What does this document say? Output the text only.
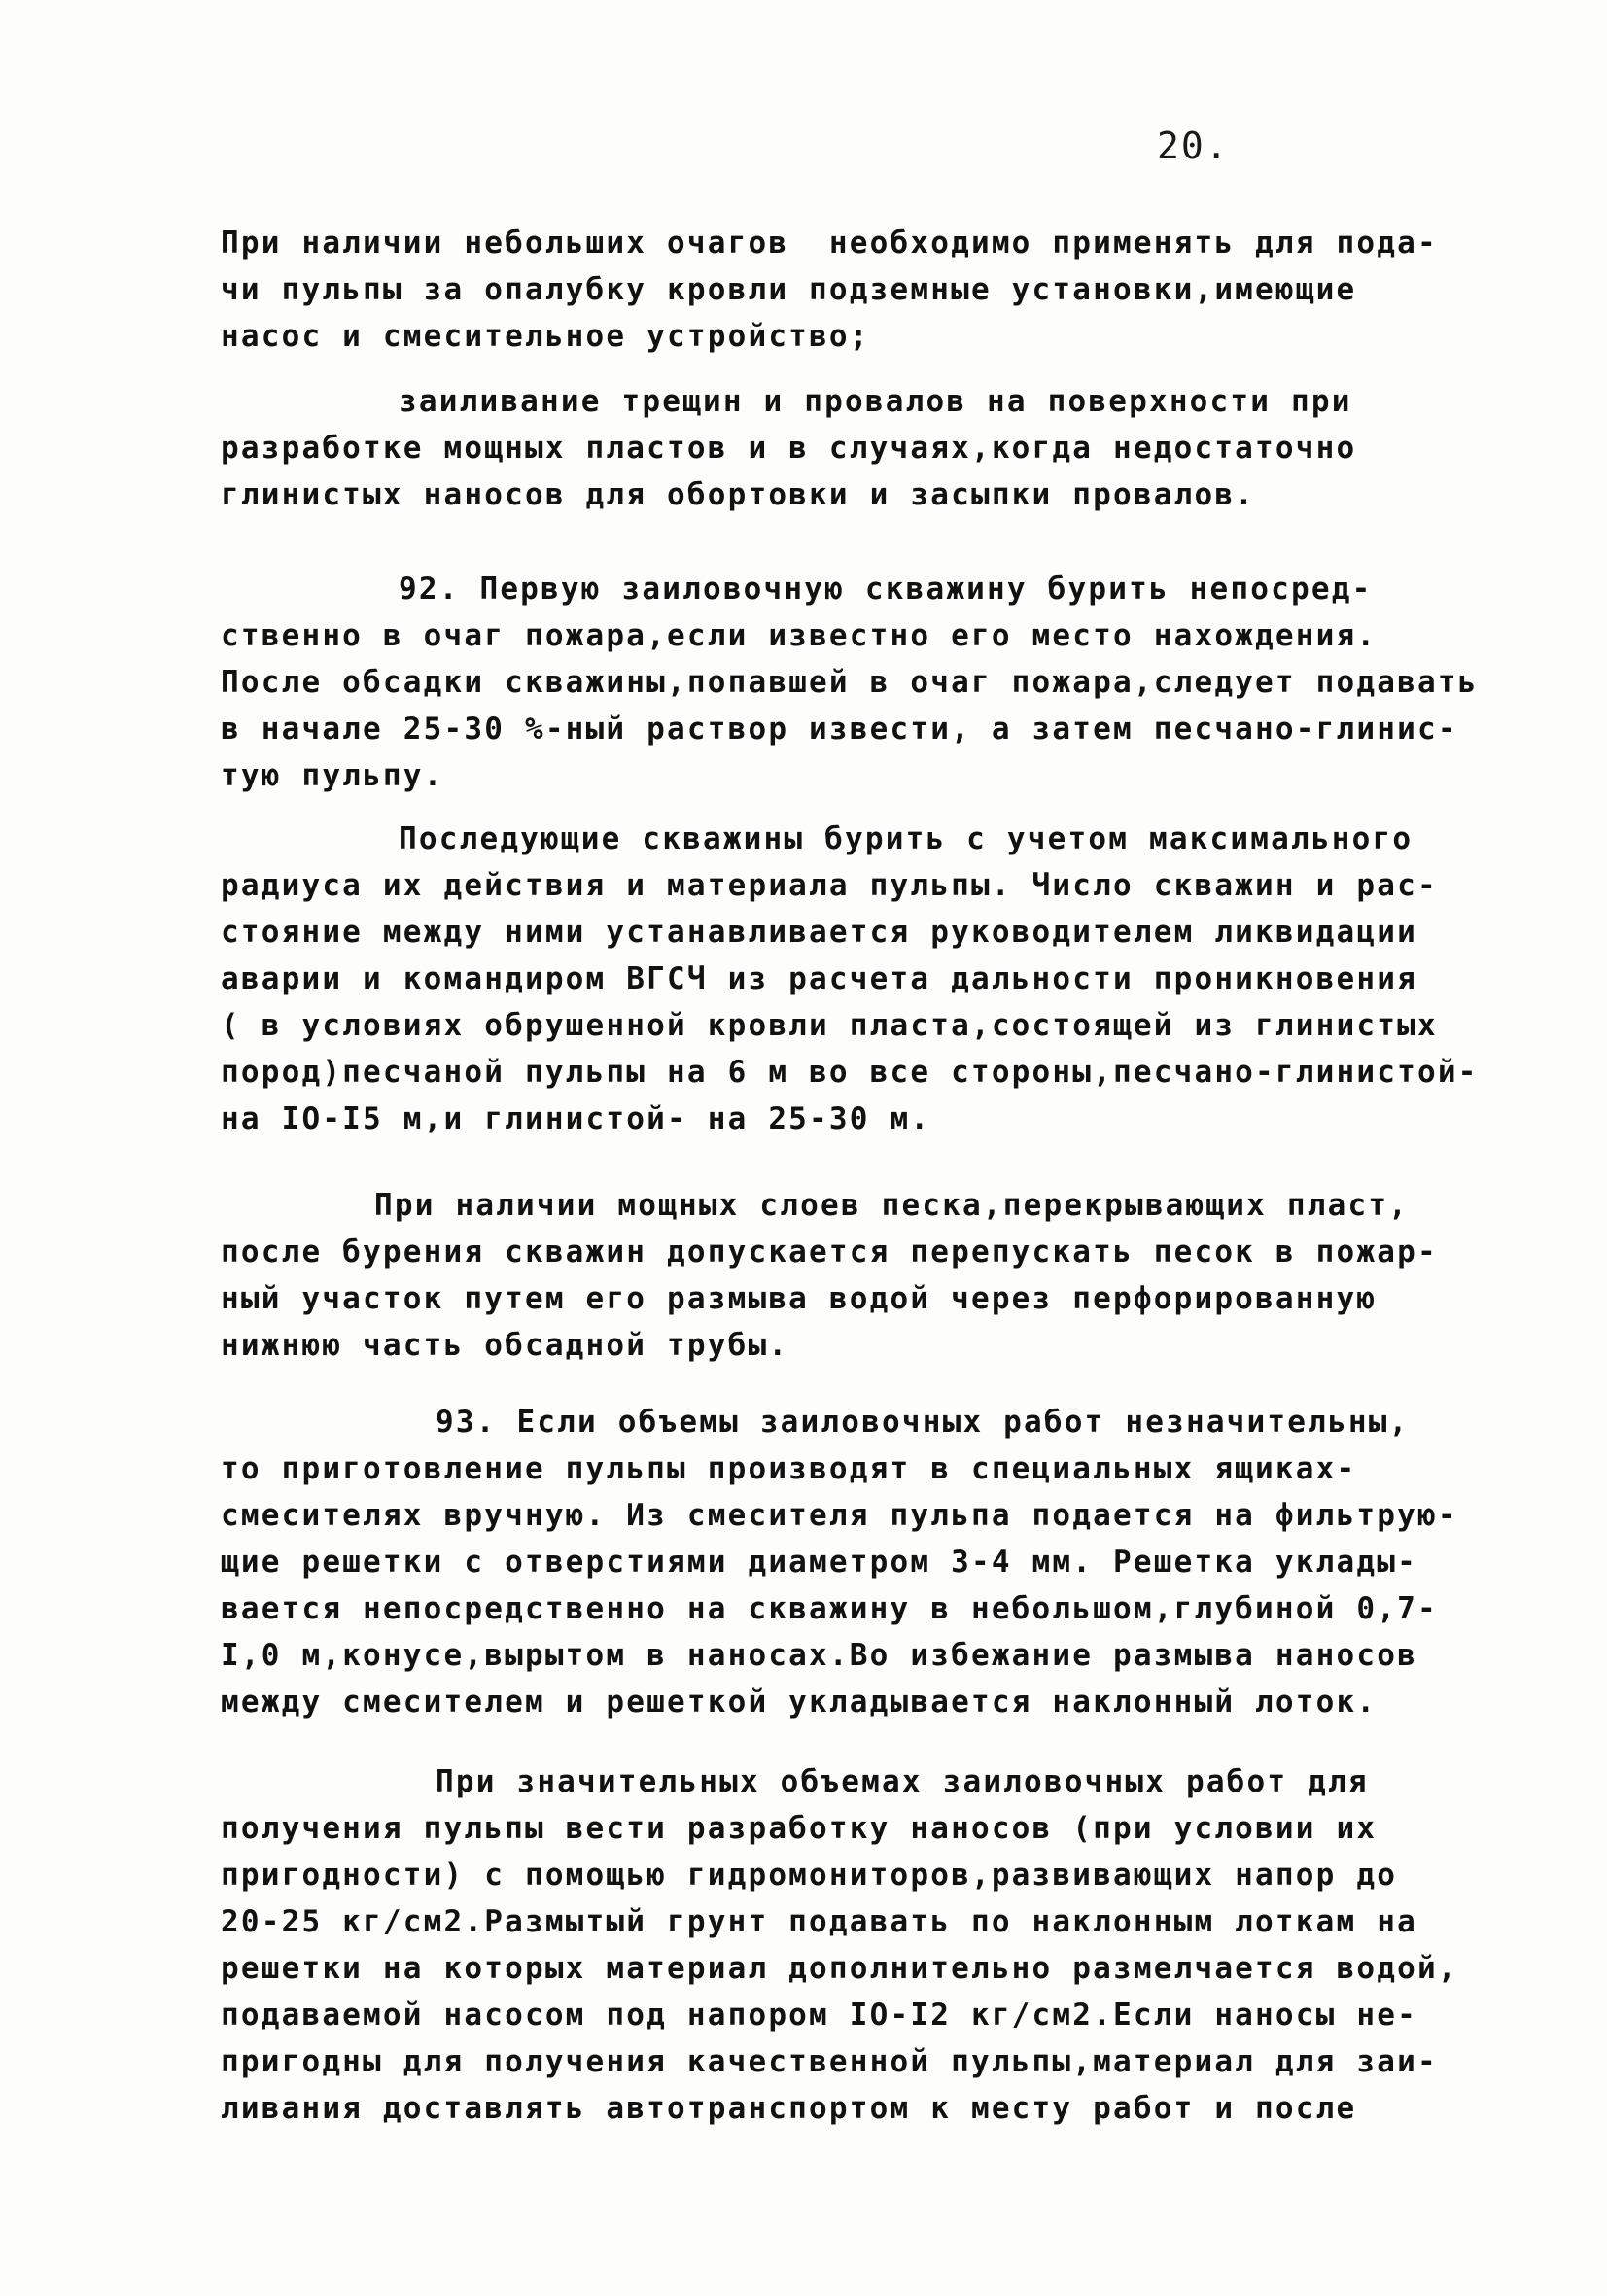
20.
При наличии небольших очагов  необходимо применять для пода-
чи пульпы за опалубку кровли подземные установки,имеющие
насос и смесительное устройство;
заиливание трещин и провалов на поверхности при
разработке мощных пластов и в случаях,когда недостаточно
глинистых наносов для обортовки и засыпки провалов.
92. Первую заиловочную скважину бурить непосред-
ственно в очаг пожара,если известно его место нахождения.
После обсадки скважины,попавшей в очаг пожара,следует подавать
в начале 25-30 %-ный раствор извести, а затем песчано-глинис-
тую пульпу.
Последующие скважины бурить с учетом максимального
радиуса их действия и материала пульпы. Число скважин и рас-
стояние между ними устанавливается руководителем ликвидации
аварии и командиром ВГСЧ из расчета дальности проникновения
( в условиях обрушенной кровли пласта,состоящей из глинистых
пород)песчаной пульпы на 6 м во все стороны,песчано-глинистой-
на IO-I5 м,и глинистой- на 25-30 м.
При наличии мощных слоев песка,перекрывающих пласт,
после бурения скважин допускается перепускать песок в пожар-
ный участок путем его размыва водой через перфорированную
нижнюю часть обсадной трубы.
93. Если объемы заиловочных работ незначительны,
то приготовление пульпы производят в специальных ящиках-
смесителях вручную. Из смесителя пульпа подается на фильтрую-
щие решетки с отверстиями диаметром 3-4 мм. Решетка уклады-
вается непосредственно на скважину в небольшом,глубиной 0,7-
I,0 м,конусе,вырытом в наносах.Во избежание размыва наносов
между смесителем и решеткой укладывается наклонный лоток.
При значительных объемах заиловочных работ для
получения пульпы вести разработку наносов (при условии их
пригодности) с помощью гидромониторов,развивающих напор до
20-25 кг/см2.Размытый грунт подавать по наклонным лоткам на
решетки на которых материал дополнительно размелчается водой,
подаваемой насосом под напором IO-I2 кг/см2.Если наносы не-
пригодны для получения качественной пульпы,материал для заи-
ливания доставлять автотранспортом к месту работ и после
